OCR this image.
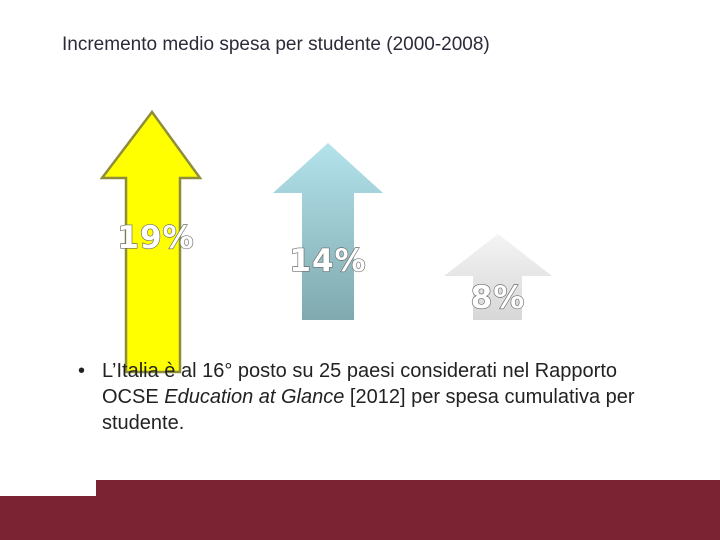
Incremento medio spesa per studente (2000-2008)
19%
14%
8%
• L’Italia è al 16° posto su 25 paesi considerati nel Rapporto OCSE Education at Glance [2012] per spesa cumulativa per studente.
